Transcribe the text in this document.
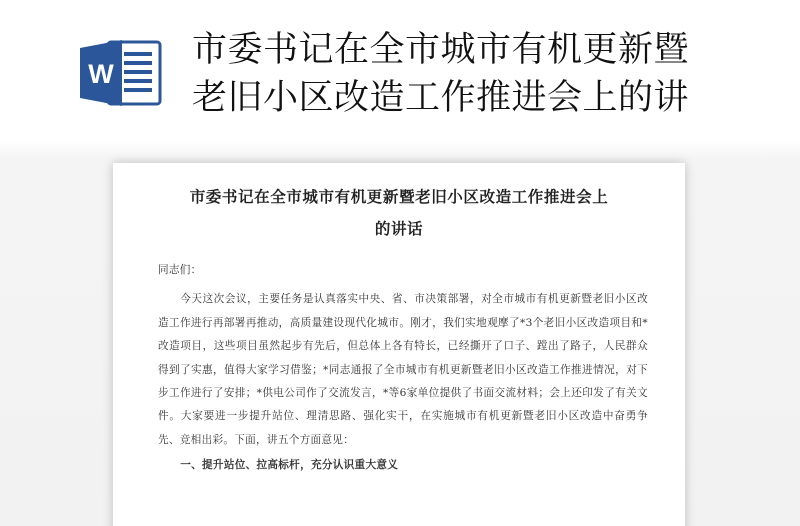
W
市委书记在全市城市有机更新暨
老旧小区改造工作推进会上的讲
市委书记在全市城市有机更新暨老旧小区改造工作推进会上
的讲话

同志们：

今天这次会议，主要任务是认真落实中央、省、市决策部署，对全市城市有机更新暨老旧小区改造工作进行再部署再推动，高质量建设现代化城市。刚才，我们实地观摩了*3个老旧小区改造项目和*改造项目，这些项目虽然起步有先后，但总体上各有特长，已经撕开了口子、蹚出了路子，人民群众得到了实惠，值得大家学习借鉴；*同志通报了全市城市有机更新暨老旧小区改造工作推进情况，对下步工作进行了安排；*供电公司作了交流发言，*等6家单位提供了书面交流材料；会上还印发了有关文件。大家要进一步提升站位、理清思路、强化实干，在实施城市有机更新暨老旧小区改造中奋勇争先、竞相出彩。下面，讲五个方面意见：

一、提升站位、拉高标杆，充分认识重大意义
